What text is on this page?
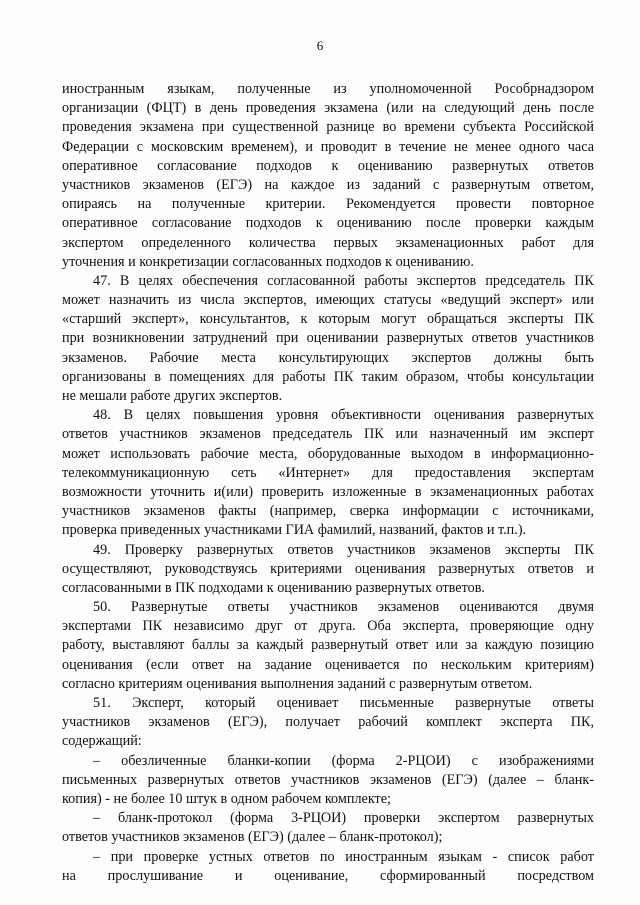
6
иностранным языкам, полученные из уполномоченной Рособрнадзором
организации (ФЦТ) в день проведения экзамена (или на следующий день после
проведения экзамена при существенной разнице во времени субъекта Российской
Федерации с московским временем), и проводит в течение не менее одного часа
оперативное согласование подходов к оцениванию развернутых ответов
участников экзаменов (ЕГЭ) на каждое из заданий с развернутым ответом,
опираясь на полученные критерии. Рекомендуется провести повторное
оперативное согласование подходов к оцениванию после проверки каждым
экспертом определенного количества первых экзаменационных работ для
уточнения и конкретизации согласованных подходов к оцениванию.
47. В целях обеспечения согласованной работы экспертов председатель ПК
может назначить из числа экспертов, имеющих статусы «ведущий эксперт» или
«старший эксперт», консультантов, к которым могут обращаться эксперты ПК
при возникновении затруднений при оценивании развернутых ответов участников
экзаменов. Рабочие места консультирующих экспертов должны быть
организованы в помещениях для работы ПК таким образом, чтобы консультации
не мешали работе других экспертов.
48. В целях повышения уровня объективности оценивания развернутых
ответов участников экзаменов председатель ПК или назначенный им эксперт
может использовать рабочие места, оборудованные выходом в информационно-
телекоммуникационную сеть «Интернет» для предоставления экспертам
возможности уточнить и(или) проверить изложенные в экзаменационных работах
участников экзаменов факты (например, сверка информации с источниками,
проверка приведенных участниками ГИА фамилий, названий, фактов и т.п.).
49. Проверку развернутых ответов участников экзаменов эксперты ПК
осуществляют, руководствуясь критериями оценивания развернутых ответов и
согласованными в ПК подходами к оцениванию развернутых ответов.
50. Развернутые ответы участников экзаменов оцениваются двумя
экспертами ПК независимо друг от друга. Оба эксперта, проверяющие одну
работу, выставляют баллы за каждый развернутый ответ или за каждую позицию
оценивания (если ответ на задание оценивается по нескольким критериям)
согласно критериям оценивания выполнения заданий с развернутым ответом.
51. Эксперт, который оценивает письменные развернутые ответы
участников экзаменов (ЕГЭ), получает рабочий комплект эксперта ПК,
содержащий:
– обезличенные бланки-копии (форма 2-РЦОИ) с изображениями
письменных развернутых ответов участников экзаменов (ЕГЭ) (далее – бланк-
копия) - не более 10 штук в одном рабочем комплекте;
– бланк-протокол (форма 3-РЦОИ) проверки экспертом развернутых
ответов участников экзаменов (ЕГЭ) (далее – бланк-протокол);
– при проверке устных ответов по иностранным языкам - список работ
на прослушивание и оценивание, сформированный посредством
